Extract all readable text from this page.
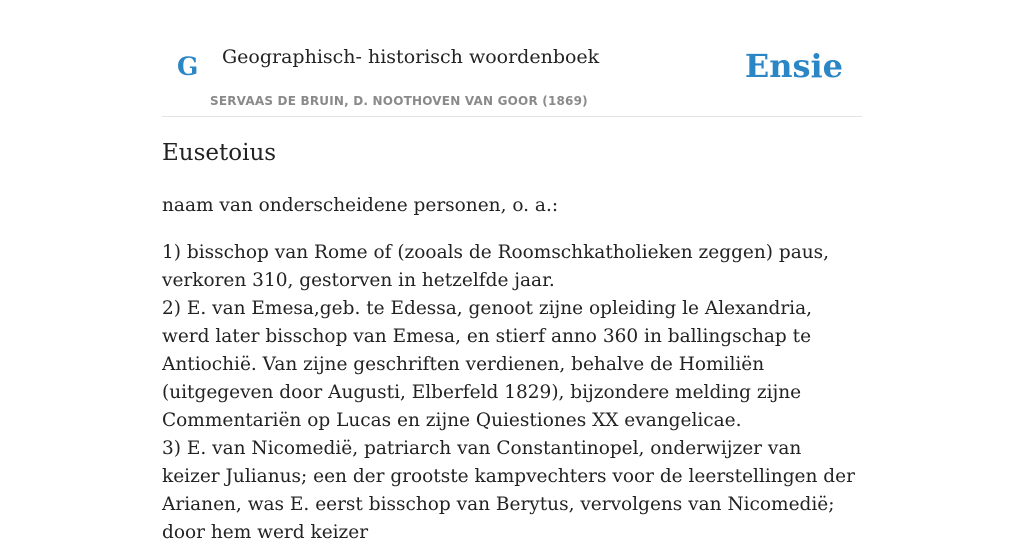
G Geographisch- historisch woordenboek
SERVAAS DE BRUIN, D. NOOTHOVEN VAN GOOR (1869)
Ensie
Eusetoius

naam van onderscheidene personen, o. a.:

1) bisschop van Rome of (zooals de Roomschkatholieken zeggen) paus, verkoren 310, gestorven in hetzelfde jaar.
2) E. van Emesa,geb. te Edessa, genoot zijne opleiding le Alexandria, werd later bisschop van Emesa, en stierf anno 360 in ballingschap te Antiochië. Van zijne geschriften verdienen, behalve de Homiliën (uitgegeven door Augusti, Elberfeld 1829), bijzondere melding zijne Commentariën op Lucas en zijne Quiestiones XX evangelicae.
3) E. van Nicomedië, patriarch van Constantinopel, onderwijzer van keizer Julianus; een der grootste kampvechters voor de leerstellingen der Arianen, was E. eerst bisschop van Berytus, vervolgens van Nicomedië; door hem werd keizer
